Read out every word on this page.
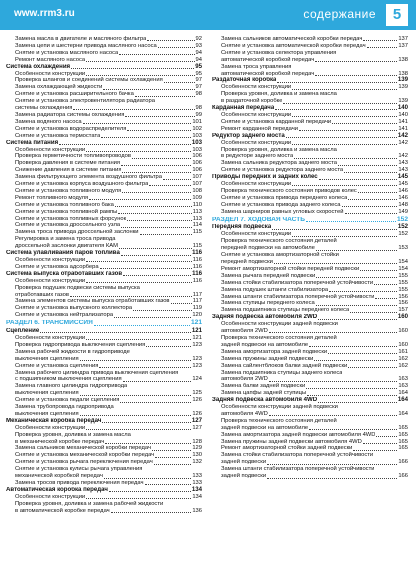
www.rrm3.ru	содержание	5
Замена масла в двигателе и масляного фильтра	92
Замена цепи и шестерни привода масляного насоса	93
Снятие и установка масляного насоса	94
Ремонт масляного насоса	94
Система охлаждения	95
Особенности конструкции	95
Проверка шлангов и соединений системы охлаждения	97
Замена охлаждающей жидкости	97
Снятие и установка расширительного бачка	98
Снятие и установка электровентилятора радиатора
системы охлаждения	98
Замена радиатора системы охлаждения	99
Замена водяного насоса	101
Снятие и установка водораспределителя	102
Снятие и установка термостата	103
Система питания	103
Особенности конструкции	103
Проверка герметичности топливопроводов	106
Проверка давления в системе питания	106
Снижение давления в системе питания	106
Замена фильтрующего элемента воздушного фильтра	107
Снятие и установка корпуса воздушного фильтра	107
Снятие и установка топливного модуля	108
Ремонт топливного модуля	109
Снятие и установка топливного бака	110
Снятие и установка топливной рампы	113
Снятие и установка топливных форсунок	113
Снятие и установка дроссельного узла	114
Замена троса привода дроссельной заслонки	115
Регулировка и замена троса привода
дроссельной заслонки двигателя КАМ	115
Система улавливания паров топлива	116
Особенности конструкции	116
Снятие и установка адсорбера	116
Система выпуска отработавших газов	116
Особенности конструкции	116
Проверка подушек подвески системы выпуска
отработавших газов	117
Замена элементов системы выпуска отработавших газов	117
Снятие и установка выпускного коллектора	119
Снятие и установка нейтрализатора	120
РАЗДЕЛ 6. ТРАНСМИССИЯ	121
Сцепление	121
Особенности конструкции	121
Проверка гидропривода выключения сцепления	123
Замена рабочей жидкости в гидроприводе
выключения сцепления	123
Снятие и установка сцепления	123
Замена рабочего цилиндра привода выключения сцепления
с подшипником выключения сцепления	124
Замена главного цилиндра гидропривода
выключения сцепления	125
Снятие и установка педали сцепления	126
Замена трубопровода гидропривода
выключения сцепления	126
Механическая коробка передач	127
Особенности конструкции	127
Проверка уровня, доливка и замена масла
в механической коробке передач	128
Замена сальников механической коробки передач	129
Снятие и установка механической коробки передач	130
Снятие и установка рычага переключения передач	132
Снятие и установка кулисы рычага управления
механической коробкой передач	133
Замена тросов привода переключения передач	133
Автоматическая коробка передач	134
Особенности конструкции	134
Проверка уровня, доливка и замена рабочей жидкости
в автоматической коробке передач	136
Замена сальников автоматической коробки передач	137
Снятие и установка автоматической коробки передач	137
Снятие и установка селектора управления
автоматической коробкой передач	138
Замена троса управления
автоматической коробкой передач	138
Раздаточная коробка	139
Особенности конструкции	139
Проверка уровня, доливка и замена масла
в раздаточной коробке	139
Карданная передача	140
Особенности конструкции	140
Снятие и установка карданной передачи	141
Ремонт карданной передачи	141
Редуктор заднего моста	142
Особенности конструкции	142
Проверка уровня, доливка и замена масла
в редукторе заднего моста	142
Замена сальника редуктора заднего моста	143
Снятие и установка редуктора заднего моста	143
Приводы передних и задних колес	145
Особенности конструкции	145
Проверка технического состояния приводов колес	146
Снятие и установка привода переднего колеса	146
Снятие и установка привода заднего колеса	148
Замена шарниров равных угловых скоростей	149
РАЗДЕЛ 7. ХОДОВАЯ ЧАСТЬ	152
Передняя подвеска	152
Особенности конструкции	152
Проверка технического состояния деталей
передней подвески на автомобиле	153
Снятие и установка амортизаторной стойки
передней подвески	154
Ремонт амортизаторной стойки передней подвески	154
Замена рычага передней подвески	155
Замена стойки стабилизатора поперечной устойчивости	155
Замена подушек штанги стабилизатора	155
Замена штанги стабилизатора поперечной устойчивости	156
Замена ступицы переднего колеса	156
Замена подшипника ступицы переднего колеса	157
Задняя подвеска автомобиля 2WD	160
Особенности конструкции задней подвески
автомобиля 2WD	160
Проверка технического состояния деталей
задней подвески на автомобиле	160
Замена амортизатора задней подвески	161
Замена пружины задней подвески	162
Замена сайлентблоков балки задней подвески	162
Замена подшипника ступицы заднего колеса
автомобиля 2WD	163
Замена балки задней подвески	163
Замена цапфы задней ступицы	164
Задняя подвеска автомобиля 4WD	164
Особенности конструкции задней подвески
автомобиля 4WD	164
Проверка технического состояния деталей
задней подвески на автомобиле	165
Замена амортизатора задней подвески автомобиля 4WD	165
Замена пружины задней подвески автомобиля 4WD	165
Ремонт амортизаторной стойки задней подвески	165
Замена стойки стабилизатора поперечной устойчивости
задней подвески	166
Замена штанги стабилизатора поперечной устойчивости
задней подвески	166
